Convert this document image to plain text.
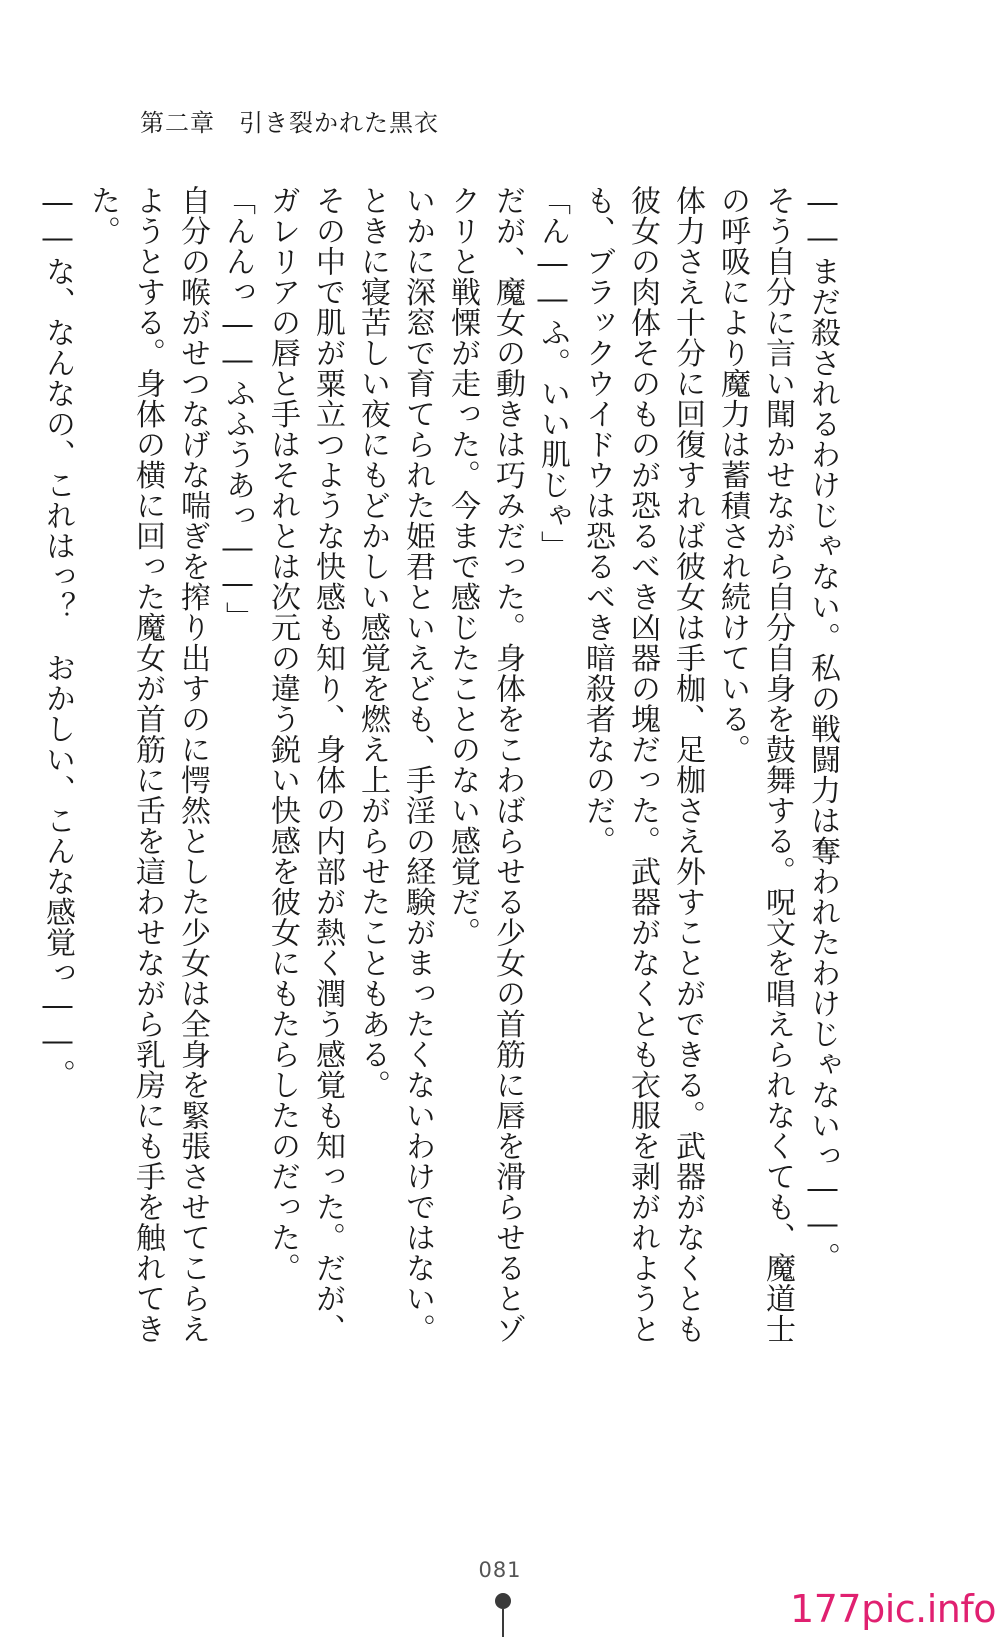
第二章 引き裂かれた黒衣

――まだ殺されるわけじゃない。私の戦闘力は奪われたわけじゃないっ――。

そう自分に言い聞かせながら自分自身を鼓舞する。呪文を唱えられなくても、魔道士の呼吸により魔力は蓄積され続けている。

体力さえ十分に回復すれば彼女は手枷、足枷さえ外すことができる。武器がなくとも彼女の肉体そのものが恐るべき凶器の塊だった。武器がなくとも衣服を剥がれようとも、ブラックウイドウは恐るべき暗殺者なのだ。

「ん――ふ。いい肌じゃ」

だが、魔女の動きは巧みだった。身体をこわばらせる少女の首筋に唇を滑らせるとゾクリと戦慄が走った。今まで感じたことのない感覚だ。

いかに深窓で育てられた姫君といえども、手淫の経験がまったくないわけではない。ときに寝苦しい夜にもどかしい感覚を燃え上がらせたこともある。

その中で肌が粟立つような快感も知り、身体の内部が熱く潤う感覚も知った。だが、ガレリアの唇と手はそれとは次元の違う鋭い快感を彼女にもたらしたのだった。

「んんっ――ふふうあっ――」

自分の喉がせつなげな喘ぎを搾り出すのに愕然とした少女は全身を緊張させてこらえようとする。身体の横に回った魔女が首筋に舌を這わせながら乳房にも手を触れてきた。

――な、なんなの、これはっ？　おかしい、こんな感覚っ――。

081
177pic.info
